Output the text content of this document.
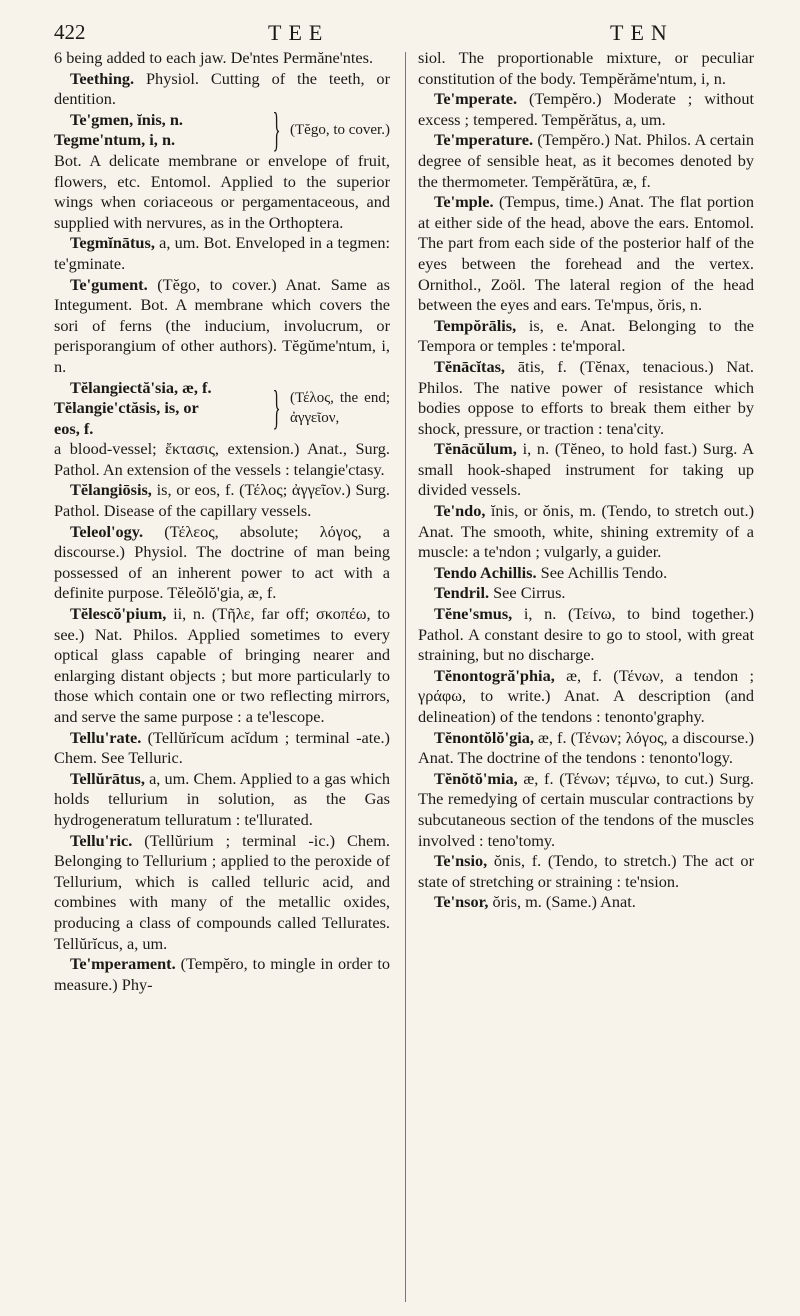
422	TEE	TEN

6 being added to each jaw. De'ntes Permăne'ntes.

Teething. Physiol. Cutting of the teeth, or dentition.

Te'gmen, ĭnis, n.
Tegme'ntum, i, n.	} (Tĕgo, to cover.)

Bot. A delicate membrane or envelope of fruit, flowers, etc. Entomol. Applied to the superior wings when coriaceous or pergamentaceous, and supplied with nervures, as in the Orthoptera.

Tegmĭnātus, a, um. Bot. Enveloped in a tegmen: te'gminate.

Te'gument. (Tĕgo, to cover.) Anat. Same as Integument. Bot. A membrane which covers the sori of ferns (the inducium, involucrum, or perisporangium of other authors). Tĕgŭme'ntum, i, n.

Tĕlangiectă'sia, æ, f.
Tĕlangie'ctăsis, is, or
eos, f.	} (Τέλος, the end; ἀγγεῖον,

a blood-vessel; ἔκτασις, extension.) Anat., Surg. Pathol. An extension of the vessels : telangie'ctasy.

Tĕlangiōsis, is, or eos, f. (Τέλος; ἀγγεῖον.) Surg. Pathol. Disease of the capillary vessels.

Teleol'ogy. (Τέλεος, absolute; λόγος, a discourse.) Physiol. The doctrine of man being possessed of an inherent power to act with a definite purpose. Tĕleŏlŏ'gia, æ, f.

Tĕlescŏ'pium, ii, n. (Τῆλε, far off; σκοπέω, to see.) Nat. Philos. Applied sometimes to every optical glass capable of bringing nearer and enlarging distant objects ; but more particularly to those which contain one or two reflecting mirrors, and serve the same purpose : a te'lescope.

Tellu'rate. (Tellŭrĭcum acĭdum ; terminal -ate.) Chem. See Telluric.

Tellŭrātus, a, um. Chem. Applied to a gas which holds tellurium in solution, as the Gas hydrogeneratum telluratum : te'llurated.

Tellu'ric. (Tellŭrium ; terminal -ic.) Chem. Belonging to Tellurium ; applied to the peroxide of Tellurium, which is called telluric acid, and combines with many of the metallic oxides, producing a class of compounds called Tellurates. Tellŭrĭcus, a, um.

Te'mperament. (Tempĕro, to mingle in order to measure.) Phy-

siol. The proportionable mixture, or peculiar constitution of the body. Tempĕrăme'ntum, i, n.

Te'mperate. (Tempĕro.) Moderate ; without excess ; tempered. Tempĕrătus, a, um.

Te'mperature. (Tempĕro.) Nat. Philos. A certain degree of sensible heat, as it becomes denoted by the thermometer. Tempĕrătūra, æ, f.

Te'mple. (Tempus, time.) Anat. The flat portion at either side of the head, above the ears. Entomol. The part from each side of the posterior half of the eyes between the forehead and the vertex. Ornithol., Zoöl. The lateral region of the head between the eyes and ears. Te'mpus, ŏris, n.

Tempŏrālis, is, e. Anat. Belonging to the Tempora or temples : te'mporal.

Tĕnācĭtas, ātis, f. (Tĕnax, tenacious.) Nat. Philos. The native power of resistance which bodies oppose to efforts to break them either by shock, pressure, or traction : tena'city.

Tĕnācŭlum, i, n. (Tĕneo, to hold fast.) Surg. A small hook-shaped instrument for taking up divided vessels.

Te'ndo, ĭnis, or ŏnis, m. (Tendo, to stretch out.) Anat. The smooth, white, shining extremity of a muscle: a te'ndon ; vulgarly, a guider.

Tendo Achillis. See Achillis Tendo.

Tendril. See Cirrus.

Tĕne'smus, i, n. (Τείνω, to bind together.) Pathol. A constant desire to go to stool, with great straining, but no discharge.

Tĕnontogră'phia, æ, f. (Τένων, a tendon ; γράφω, to write.) Anat. A description (and delineation) of the tendons : tenonto'graphy.

Tĕnontŏlŏ'gia, æ, f. (Τένων; λόγος, a discourse.) Anat. The doctrine of the tendons : tenonto'logy.

Tĕnŏtŏ'mia, æ, f. (Τένων; τέμνω, to cut.) Surg. The remedying of certain muscular contractions by subcutaneous section of the tendons of the muscles involved : teno'tomy.

Te'nsio, ŏnis, f. (Tendo, to stretch.) The act or state of stretching or straining : te'nsion.

Te'nsor, ŏris, m. (Same.) Anat.
